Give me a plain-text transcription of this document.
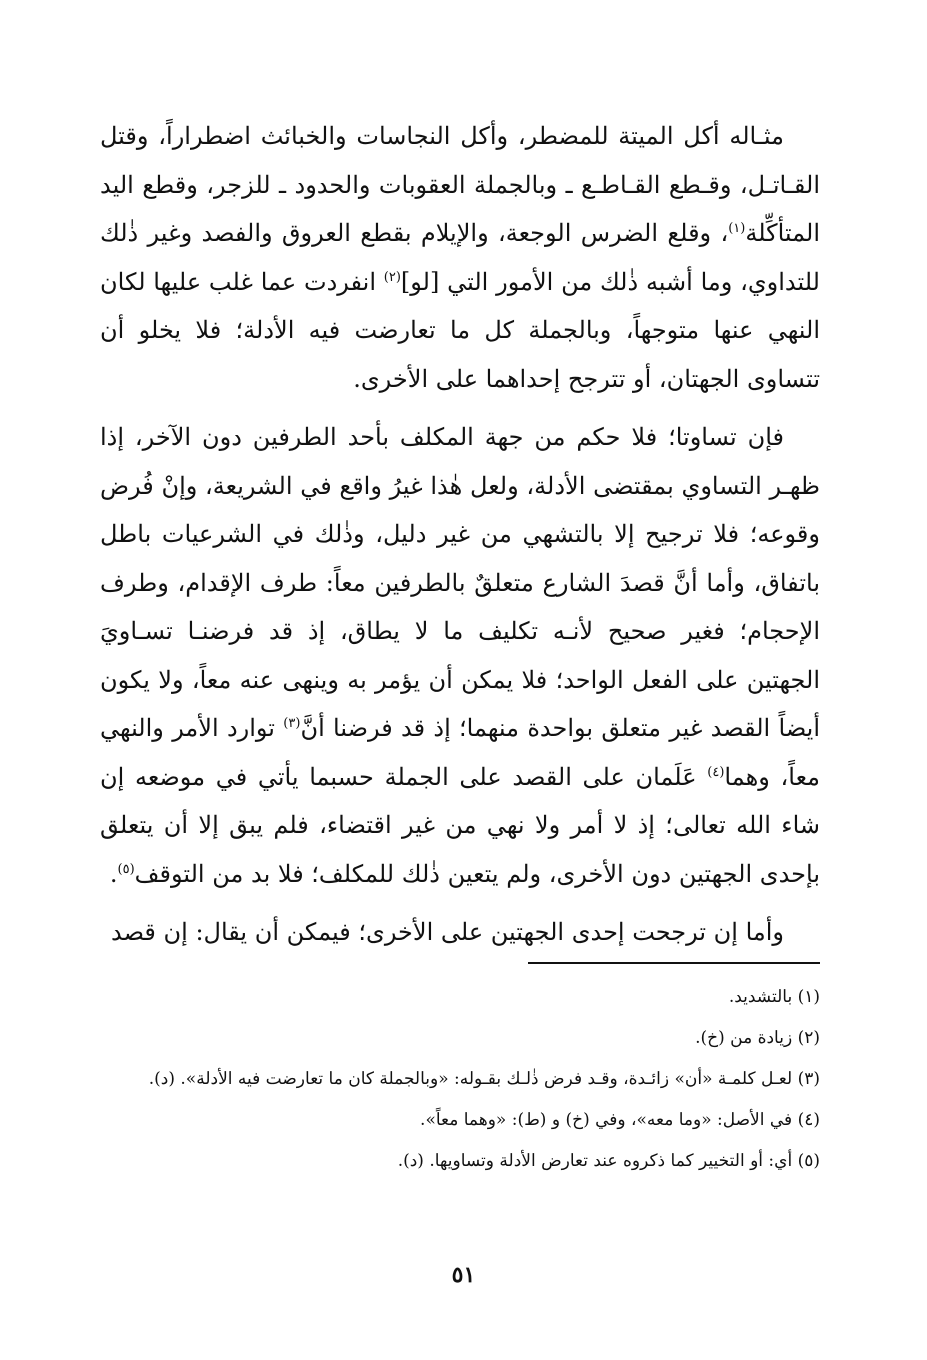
مثـاله أكل الميتة للمضطر، وأكل النجاسات والخبائث اضطراراً، وقتل القـاتـل، وقـطع القـاطـع ـ وبالجملة العقوبات والحدود ـ للزجر، وقطع اليد المتأكِّلة$^{(١)}$، وقلع الضرس الوجعة، والإيلام بقطع العروق والفصد وغير ذٰلك للتداوي، وما أشبه ذٰلك من الأمور التي [لو]$^{(٢)}$ انفردت عما غلب عليها لكان النهي عنها متوجهاً، وبالجملة كل ما تعارضت فيه الأدلة؛ فلا يخلو أن تتساوى الجهتان، أو تترجح إحداهما على الأخرى.

فإن تساوتا؛ فلا حكم من جهة المكلف بأحد الطرفين دون الآخر، إذا ظهـر التساوي بمقتضى الأدلة، ولعل هٰذا غيرُ واقع في الشريعة، وإنْ فُرض وقوعه؛ فلا ترجيح إلا بالتشهي من غير دليل، وذٰلك في الشرعيات باطل باتفاق، وأما أنَّ قصدَ الشارع متعلقٌ بالطرفين معاً: طرف الإقدام، وطرف الإحجام؛ فغير صحيح لأنـه تكليف ما لا يطاق، إذ قد فرضنـا تسـاويَ الجهتين على الفعل الواحد؛ فلا يمكن أن يؤمر به وينهى عنه معاً، ولا يكون أيضاً القصد غير متعلق بواحدة منهما؛ إذ قد فرضنا أنَّ$^{(٣)}$ توارد الأمر والنهي معاً، وهما$^{(٤)}$ عَلَمان على القصد على الجملة حسبما يأتي في موضعه إن شاء الله تعالى؛ إذ لا أمر ولا نهي من غير اقتضاء، فلم يبق إلا أن يتعلق بإحدى الجهتين دون الأخرى، ولم يتعين ذٰلك للمكلف؛ فلا بد من التوقف$^{(٥)}$.

وأما إن ترجحت إحدى الجهتين على الأخرى؛ فيمكن أن يقال: إن قصد

(١) بالتشديد.
(٢) زيادة من (خ).
(٣) لعـل كلمـة «أن» زائـدة، وقـد فرض ذٰلـك بقـوله: «وبالجملة كان ما تعارضت فيه الأدلة». (د).
(٤) في الأصل: «وما معه»، وفي (خ) و (ط): «وهما معاً».
(٥) أي: أو التخيير كما ذكروه عند تعارض الأدلة وتساويها. (د).
٥١
